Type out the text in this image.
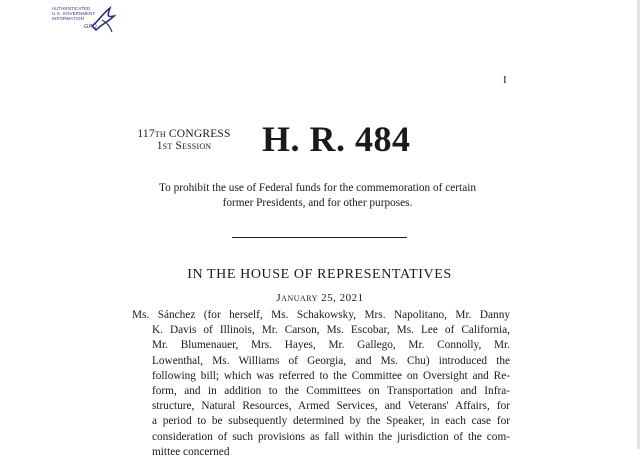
AUTHENTICATED
U.S. GOVERNMENT
INFORMATION
GPO
I
117th CONGRESS
1st Session	H. R. 484
To prohibit the use of Federal funds for the commemoration of certain
former Presidents, and for other purposes.
IN THE HOUSE OF REPRESENTATIVES
January 25, 2021
Ms. Sánchez (for herself, Ms. Schakowsky, Mrs. Napolitano, Mr. Danny
K. Davis of Illinois, Mr. Carson, Ms. Escobar, Ms. Lee of California,
Mr. Blumenauer, Mrs. Hayes, Mr. Gallego, Mr. Connolly, Mr.
Lowenthal, Ms. Williams of Georgia, and Ms. Chu) introduced the
following bill; which was referred to the Committee on Oversight and Re-
form, and in addition to the Committees on Transportation and Infra-
structure, Natural Resources, Armed Services, and Veterans' Affairs, for
a period to be subsequently determined by the Speaker, in each case for
consideration of such provisions as fall within the jurisdiction of the com-
mittee concerned
